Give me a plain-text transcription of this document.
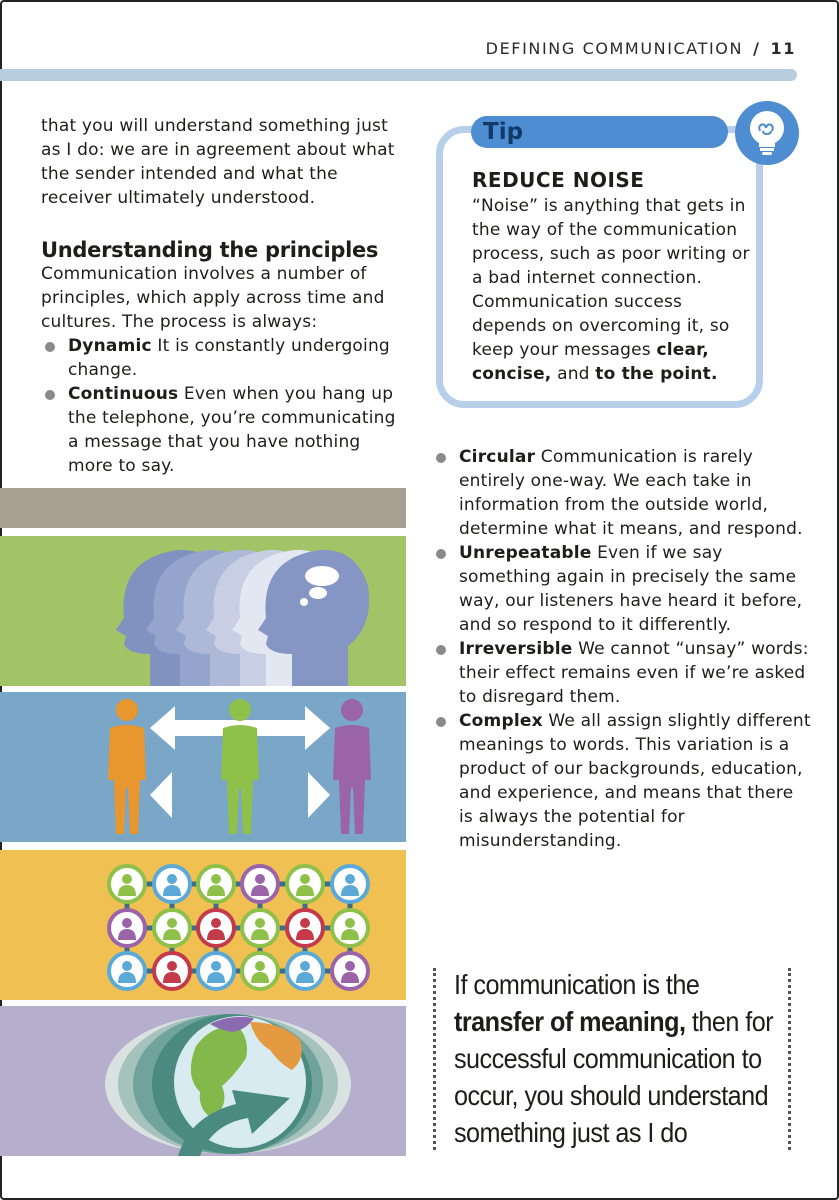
DEFINING COMMUNICATION / 11

that you will understand something just as I do: we are in agreement about what the sender intended and what the receiver ultimately understood.

Understanding the principles

Communication involves a number of principles, which apply across time and cultures. The process is always:

Dynamic It is constantly undergoing change.
Continuous Even when you hang up the telephone, you’re communicating a message that you have nothing more to say.
Tip
REDUCE NOISE
“Noise” is anything that gets in the way of the communication process, such as poor writing or a bad internet connection. Communication success depends on overcoming it, so keep your messages clear,
concise, and to the point.
Circular Communication is rarely entirely one-way. We each take in information from the outside world, determine what it means, and respond.
Unrepeatable Even if we say something again in precisely the same way, our listeners have heard it before, and so respond to it differently.
Irreversible We cannot “unsay” words: their effect remains even if we’re asked to disregard them.
Complex We all assign slightly different meanings to words. This variation is a product of our backgrounds, education, and experience, and means that there is always the potential for misunderstanding.
If communication is the transfer of meaning, then for successful communication to occur, you should understand something just as I do
